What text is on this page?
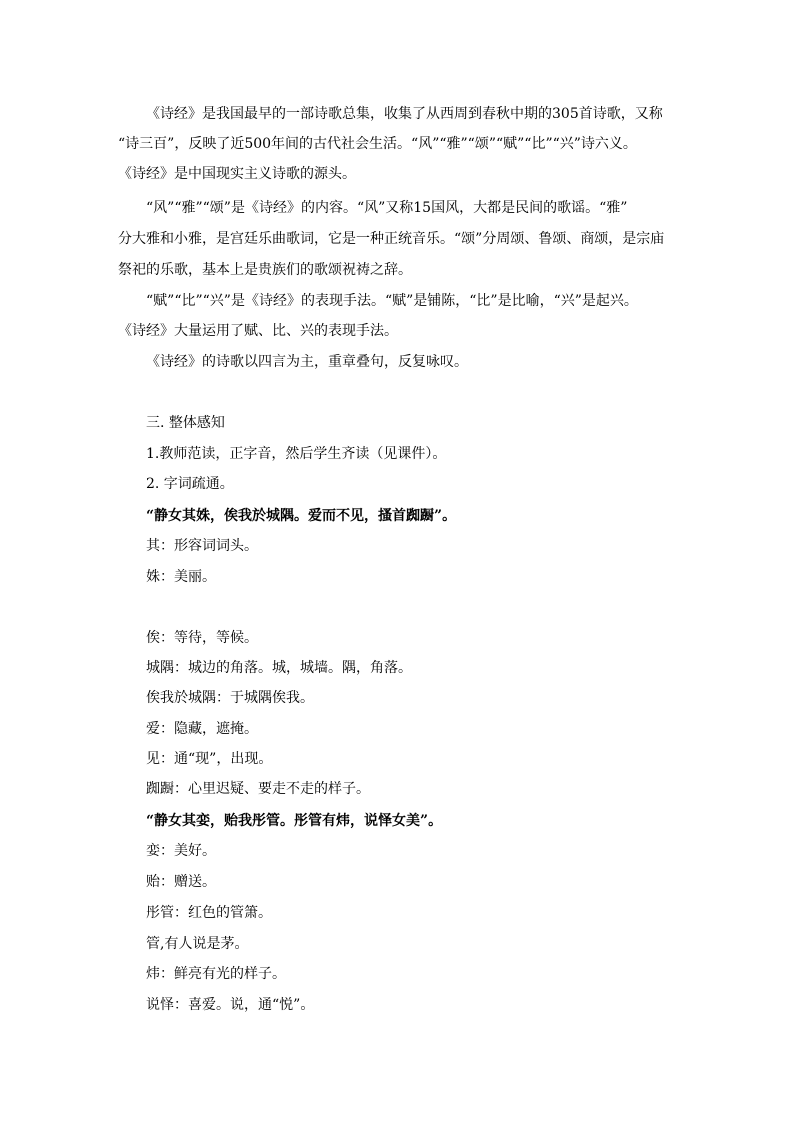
《诗经》是我国最早的一部诗歌总集，收集了从西周到春秋中期的305首诗歌，又称
“诗三百”，反映了近500年间的古代社会生活。“风”“雅”“颂”“赋”“比”“兴”诗六义。
《诗经》是中国现实主义诗歌的源头。
“风”“雅”“颂”是《诗经》的内容。“风”又称15国风，大都是民间的歌谣。“雅”
分大雅和小雅，是宫廷乐曲歌词，它是一种正统音乐。“颂”分周颂、鲁颂、商颂，是宗庙
祭祀的乐歌，基本上是贵族们的歌颂祝祷之辞。
“赋”“比”“兴”是《诗经》的表现手法。“赋”是铺陈，“比”是比喻，“兴”是起兴。
《诗经》大量运用了赋、比、兴的表现手法。
《诗经》的诗歌以四言为主，重章叠句，反复咏叹。
三. 整体感知
1.教师范读，正字音，然后学生齐读（见课件）。
2. 字词疏通。
“静女其姝，俟我於城隅。爱而不见，搔首踟蹰”。
其：形容词词头。
姝：美丽。
俟：等待，等候。
城隅：城边的角落。城，城墙。隅，角落。
俟我於城隅：于城隅俟我。
爱：隐藏，遮掩。
见：通“现”，出现。
踟蹰：心里迟疑、要走不走的样子。
“静女其娈，贻我彤管。彤管有炜，说怿女美”。
娈：美好。
贻：赠送。
彤管：红色的管箫。
管,有人说是茅。
炜：鲜亮有光的样子。
说怿：喜爱。说，通“悦”。
